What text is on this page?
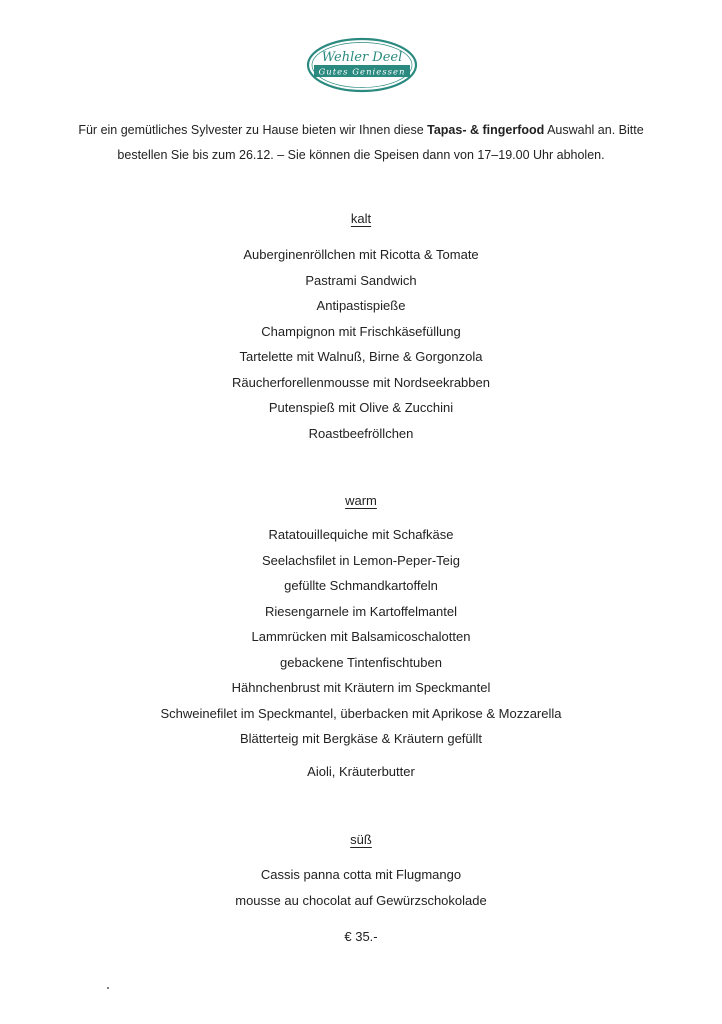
Wehler Deel
Gutes Geniessen
Für ein gemütliches Sylvester zu Hause bieten wir Ihnen diese Tapas- & fingerfood Auswahl an. Bitte
bestellen Sie bis zum 26.12. – Sie können die Speisen dann von 17–19.00 Uhr abholen.
kalt
Auberginenröllchen mit Ricotta & Tomate
Pastrami Sandwich
Antipastispieße
Champignon mit Frischkäsefüllung
Tartelette mit Walnuß, Birne & Gorgonzola
Räucherforellenmousse mit Nordseekrabben
Putenspieß mit Olive & Zucchini
Roastbeefröllchen
warm
Ratatouillequiche mit Schafkäse
Seelachsfilet in Lemon-Peper-Teig
gefüllte Schmandkartoffeln
Riesengarnele im Kartoffelmantel
Lammrücken mit Balsamicoschalotten
gebackene Tintenfischtuben
Hähnchenbrust mit Kräutern im Speckmantel
Schweinefilet im Speckmantel, überbacken mit Aprikose & Mozzarella
Blätterteig mit Bergkäse & Kräutern gefüllt
Aioli, Kräuterbutter
süß
Cassis panna cotta mit Flugmango
mousse au chocolat auf Gewürzschokolade
€ 35.-
